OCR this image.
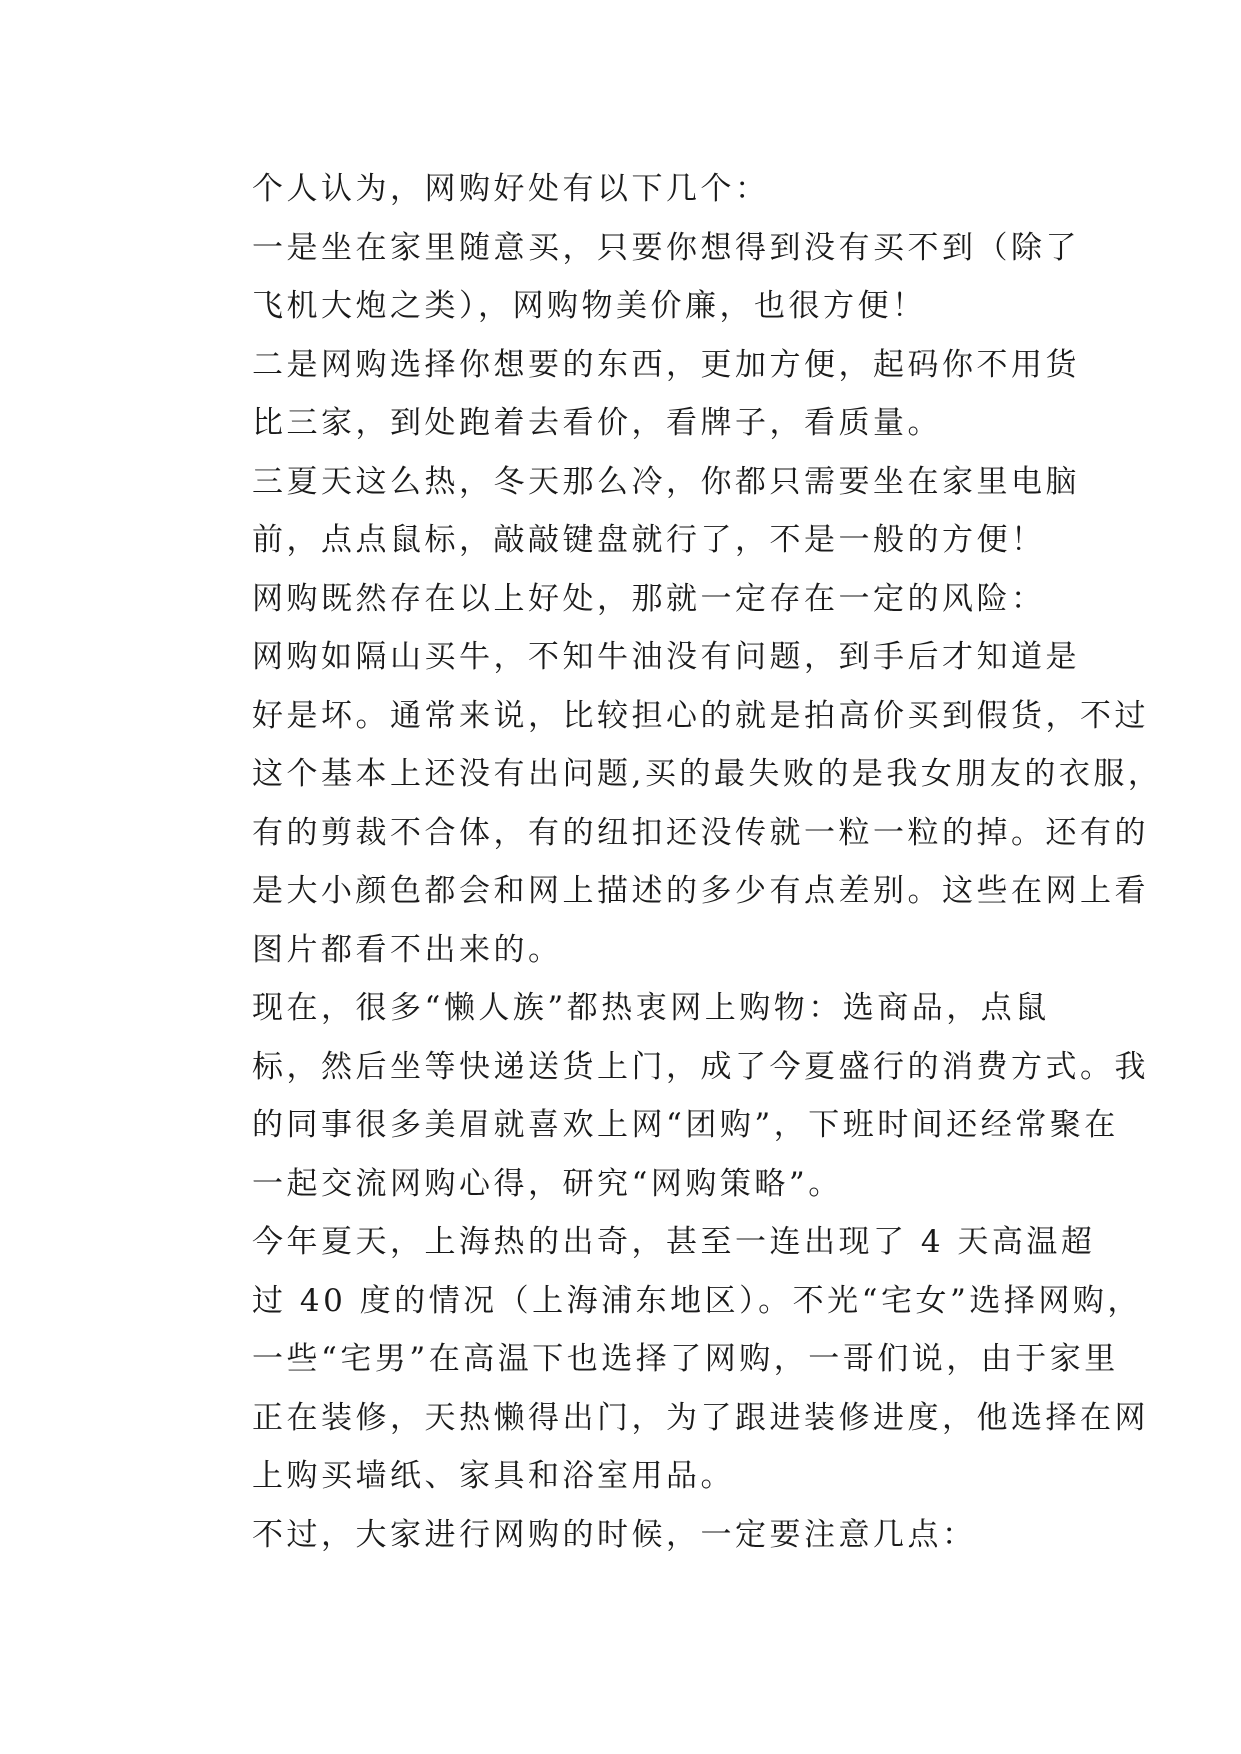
个人认为，网购好处有以下几个：

一是坐在家里随意买，只要你想得到没有买不到（除了
飞机大炮之类），网购物美价廉，也很方便！

二是网购选择你想要的东西，更加方便，起码你不用货
比三家，到处跑着去看价，看牌子，看质量。

三夏天这么热，冬天那么冷，你都只需要坐在家里电脑
前，点点鼠标，敲敲键盘就行了，不是一般的方便！

网购既然存在以上好处，那就一定存在一定的风险：

网购如隔山买牛，不知牛油没有问题，到手后才知道是
好是坏。通常来说，比较担心的就是拍高价买到假货，不过
这个基本上还没有出问题,买的最失败的是我女朋友的衣服，
有的剪裁不合体，有的纽扣还没传就一粒一粒的掉。还有的
是大小颜色都会和网上描述的多少有点差别。这些在网上看
图片都看不出来的。

现在，很多“懒人族”都热衷网上购物：选商品，点鼠
标，然后坐等快递送货上门，成了今夏盛行的消费方式。我
的同事很多美眉就喜欢上网“团购”，下班时间还经常聚在
一起交流网购心得，研究“网购策略”。

今年夏天，上海热的出奇，甚至一连出现了 4 天高温超
过 40 度的情况（上海浦东地区）。不光“宅女”选择网购，
一些“宅男”在高温下也选择了网购，一哥们说，由于家里
正在装修，天热懒得出门，为了跟进装修进度，他选择在网
上购买墙纸、家具和浴室用品。

不过，大家进行网购的时候，一定要注意几点：
